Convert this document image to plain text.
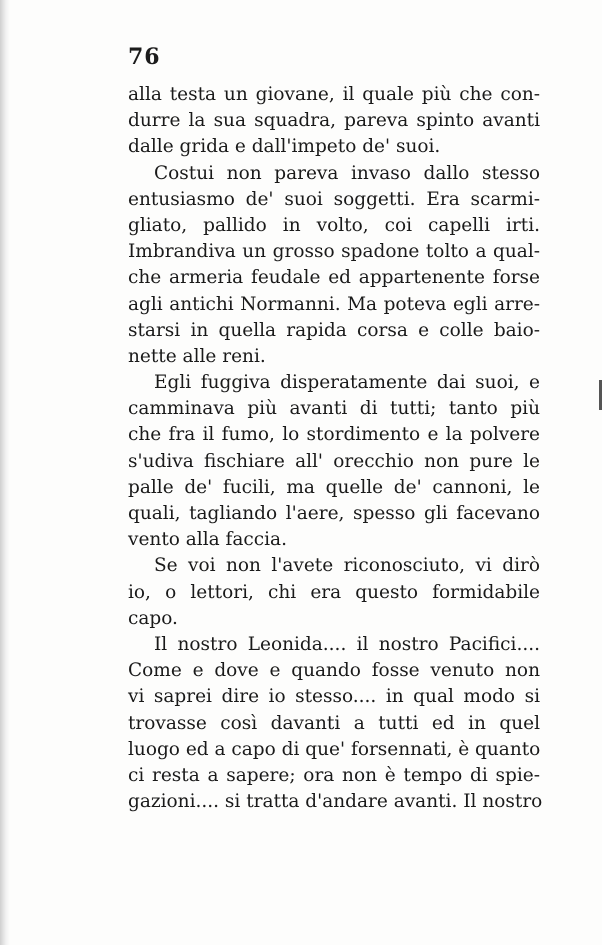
76
alla testa un giovane, il quale più che con-
durre la sua squadra, pareva spinto avanti
dalle grida e dall'impeto de' suoi.
Costui non pareva invaso dallo stesso
entusiasmo de' suoi soggetti. Era scarmi-
gliato, pallido in volto, coi capelli irti.
Imbrandiva un grosso spadone tolto a qual-
che armeria feudale ed appartenente forse
agli antichi Normanni. Ma poteva egli arre-
starsi in quella rapida corsa e colle baio-
nette alle reni.
Egli fuggiva disperatamente dai suoi, e
camminava più avanti di tutti; tanto più
che fra il fumo, lo stordimento e la polvere
s'udiva fischiare all' orecchio non pure le
palle de' fucili, ma quelle de' cannoni, le
quali, tagliando l'aere, spesso gli facevano
vento alla faccia.
Se voi non l'avete riconosciuto, vi dirò
io, o lettori, chi era questo formidabile
capo.
Il nostro Leonida.... il nostro Pacifici....
Come e dove e quando fosse venuto non
vi saprei dire io stesso.... in qual modo si
trovasse così davanti a tutti ed in quel
luogo ed a capo di que' forsennati, è quanto
ci resta a sapere; ora non è tempo di spie-
gazioni.... si tratta d'andare avanti. Il nostro
